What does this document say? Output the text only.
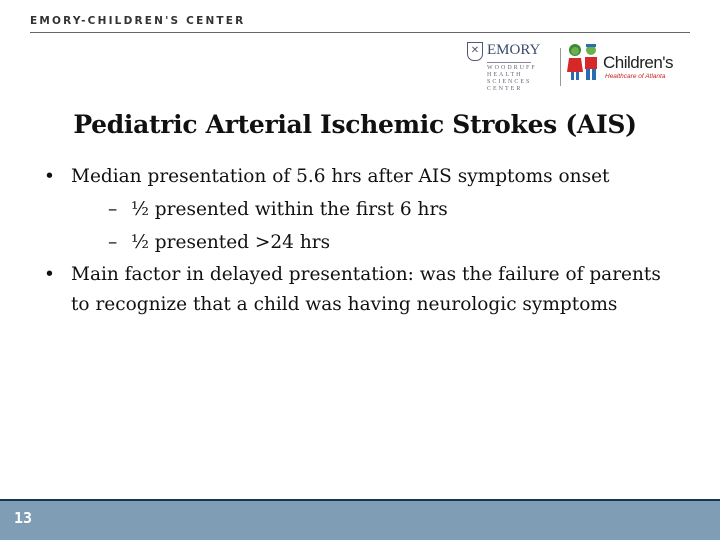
EMORY-CHILDREN'S CENTER
✕ EMORY
WOODRUFF
HEALTH
SCIENCES
CENTER
Children's
Healthcare of Atlanta
Pediatric Arterial Ischemic Strokes (AIS)
• Median presentation of 5.6 hrs after AIS symptoms onset
– ½ presented within the first 6 hrs
– ½ presented >24 hrs
• Main factor in delayed presentation: was the failure of parents to recognize that a child was having neurologic symptoms
13
